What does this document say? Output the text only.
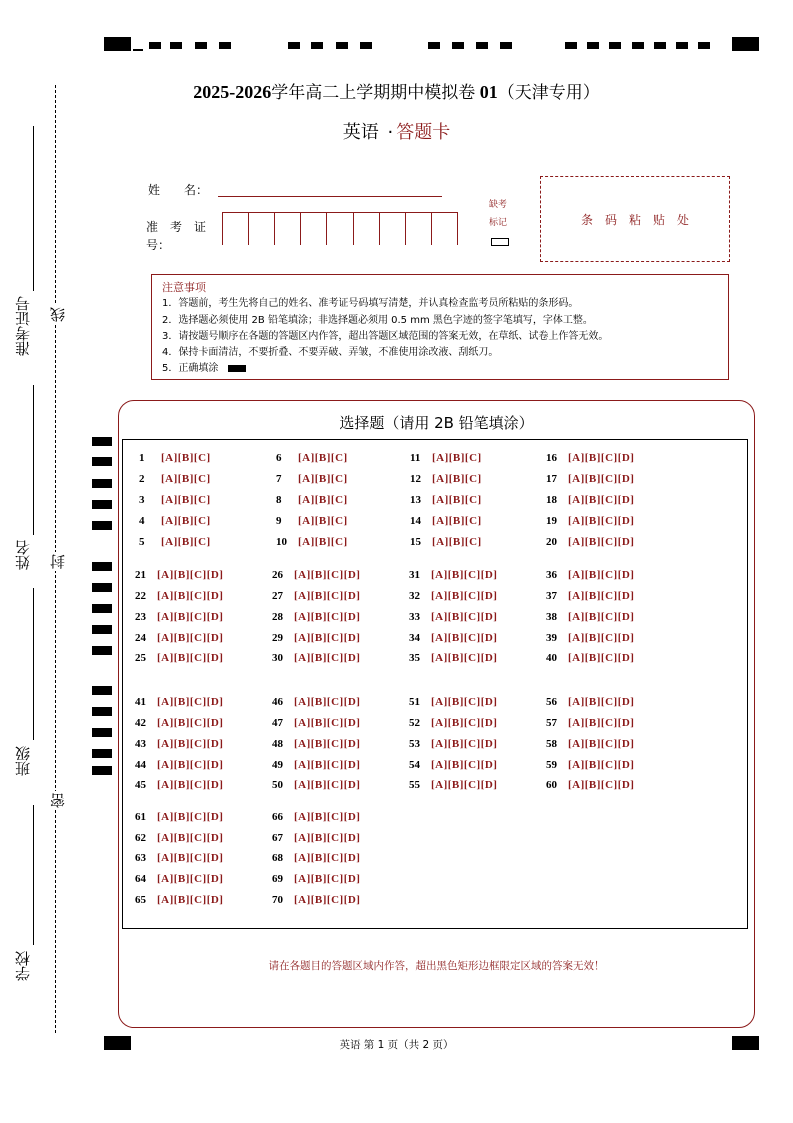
2025-2026学年高二上学期期中模拟卷 01（天津专用）
英语 · 答题卡
姓　　名：
准　考　证
号：
缺考
标记	条　码　粘　贴　处
注意事项
1．答题前，考生先将自己的姓名、准考证号码填写清楚，并认真检查监考员所粘贴的条形码。
2．选择题必须使用 2B 铅笔填涂；非选择题必须用 0.5 mm 黑色字迹的签字笔填写，字体工整。
3．请按题号顺序在各题的答题区内作答，超出答题区域范围的答案无效，在草纸、试卷上作答无效。
4．保持卡面清洁，不要折叠、不要弄破、弄皱，不准使用涂改液、刮纸刀。
5．正确填涂
选择题（请用 2B 铅笔填涂）
1 [A][B][C]
2 [A][B][C]
3 [A][B][C]
4 [A][B][C]
5 [A][B][C]
6 [A][B][C]
7 [A][B][C]
8 [A][B][C]
9 [A][B][C]
10 [A][B][C]
11 [A][B][C]
12 [A][B][C]
13 [A][B][C]
14 [A][B][C]
15 [A][B][C]
16 [A][B][C][D]
17 [A][B][C][D]
18 [A][B][C][D]
19 [A][B][C][D]
20 [A][B][C][D]
21 [A][B][C][D]
22 [A][B][C][D]
23 [A][B][C][D]
24 [A][B][C][D]
25 [A][B][C][D]
26 [A][B][C][D]
27 [A][B][C][D]
28 [A][B][C][D]
29 [A][B][C][D]
30 [A][B][C][D]
31 [A][B][C][D]
32 [A][B][C][D]
33 [A][B][C][D]
34 [A][B][C][D]
35 [A][B][C][D]
36 [A][B][C][D]
37 [A][B][C][D]
38 [A][B][C][D]
39 [A][B][C][D]
40 [A][B][C][D]
41 [A][B][C][D]
42 [A][B][C][D]
43 [A][B][C][D]
44 [A][B][C][D]
45 [A][B][C][D]
46 [A][B][C][D]
47 [A][B][C][D]
48 [A][B][C][D]
49 [A][B][C][D]
50 [A][B][C][D]
51 [A][B][C][D]
52 [A][B][C][D]
53 [A][B][C][D]
54 [A][B][C][D]
55 [A][B][C][D]
56 [A][B][C][D]
57 [A][B][C][D]
58 [A][B][C][D]
59 [A][B][C][D]
60 [A][B][C][D]
61 [A][B][C][D]
62 [A][B][C][D]
63 [A][B][C][D]
64 [A][B][C][D]
65 [A][B][C][D]
66 [A][B][C][D]
67 [A][B][C][D]
68 [A][B][C][D]
69 [A][B][C][D]
70 [A][B][C][D]
请在各题目的答题区域内作答，超出黑色矩形边框限定区域的答案无效！
准考证号
姓名
班级
学校
线
封
密
英语 第 1 页（共 2 页）
